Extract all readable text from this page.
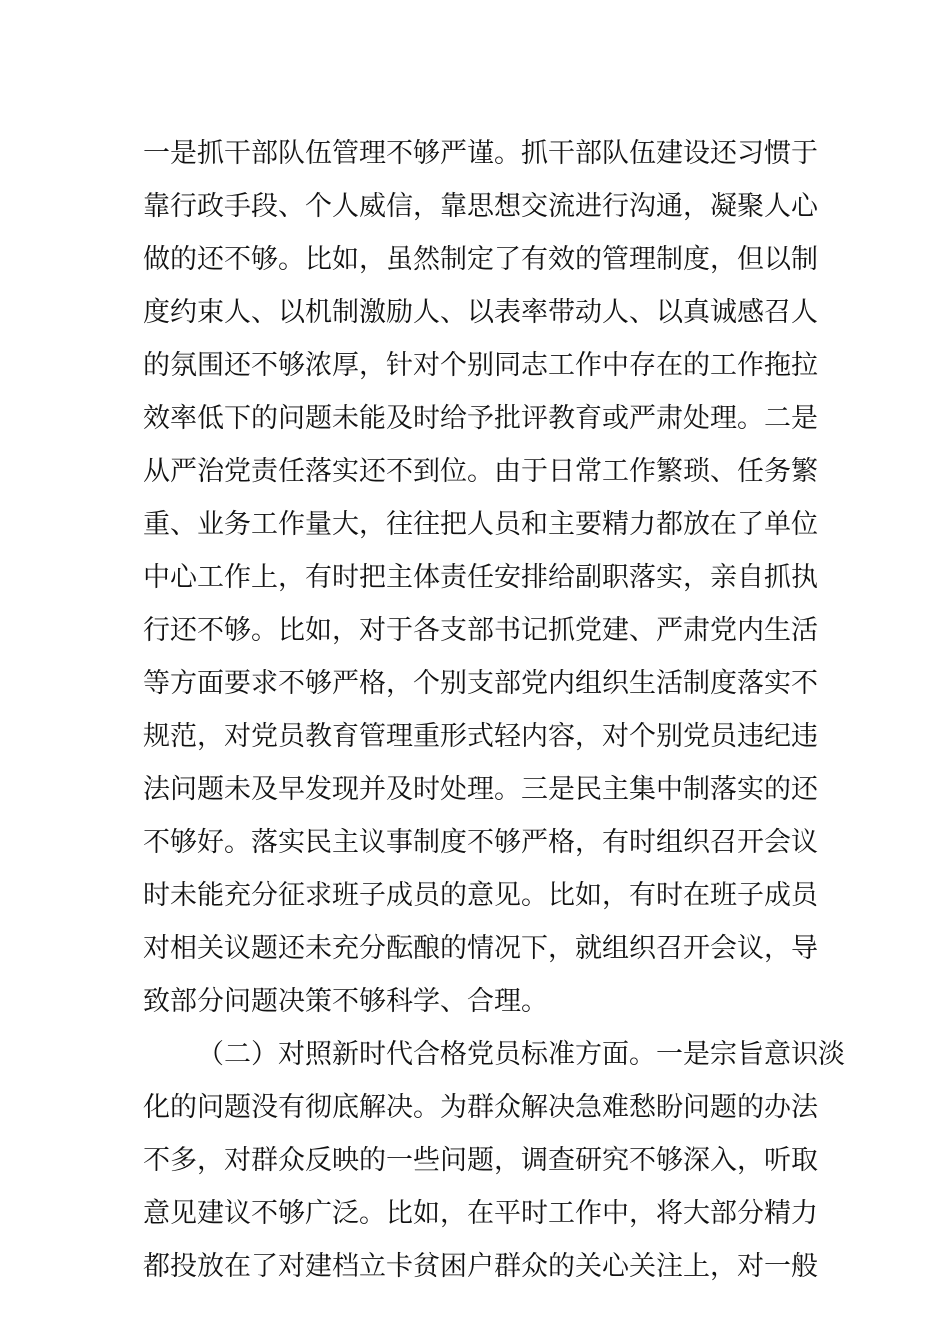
一是抓干部队伍管理不够严谨。抓干部队伍建设还习惯于
靠行政手段、个人威信，靠思想交流进行沟通，凝聚人心
做的还不够。比如，虽然制定了有效的管理制度，但以制
度约束人、以机制激励人、以表率带动人、以真诚感召人
的氛围还不够浓厚，针对个别同志工作中存在的工作拖拉
效率低下的问题未能及时给予批评教育或严肃处理。二是
从严治党责任落实还不到位。由于日常工作繁琐、任务繁
重、业务工作量大，往往把人员和主要精力都放在了单位
中心工作上，有时把主体责任安排给副职落实，亲自抓执
行还不够。比如，对于各支部书记抓党建、严肃党内生活
等方面要求不够严格，个别支部党内组织生活制度落实不
规范，对党员教育管理重形式轻内容，对个别党员违纪违
法问题未及早发现并及时处理。三是民主集中制落实的还
不够好。落实民主议事制度不够严格，有时组织召开会议
时未能充分征求班子成员的意见。比如，有时在班子成员
对相关议题还未充分酝酿的情况下，就组织召开会议，导
致部分问题决策不够科学、合理。
（二）对照新时代合格党员标准方面。一是宗旨意识淡
化的问题没有彻底解决。为群众解决急难愁盼问题的办法
不多，对群众反映的一些问题，调查研究不够深入，听取
意见建议不够广泛。比如，在平时工作中，将大部分精力
都投放在了对建档立卡贫困户群众的关心关注上，对一般
